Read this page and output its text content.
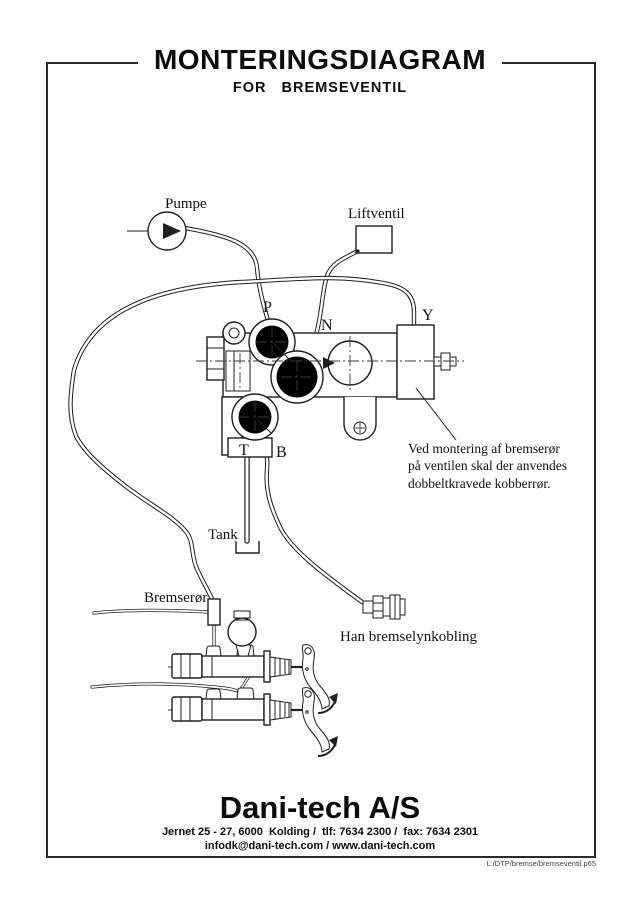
MONTERINGSDIAGRAM
FOR   BREMSEVENTIL
Pumpe
Liftventil
P
N
Y
T B
Tank
Bremserør
Han bremselynkobling
Ved montering af bremserør
på ventilen skal der anvendes
dobbeltkravede kobberrør.
Dani-tech A/S
Jernet 25 - 27, 6000  Kolding /  tlf: 7634 2300 /  fax: 7634 2301
infodk@dani-tech.com / www.dani-tech.com
L:/DTP/bremse/bremseventil.p65
